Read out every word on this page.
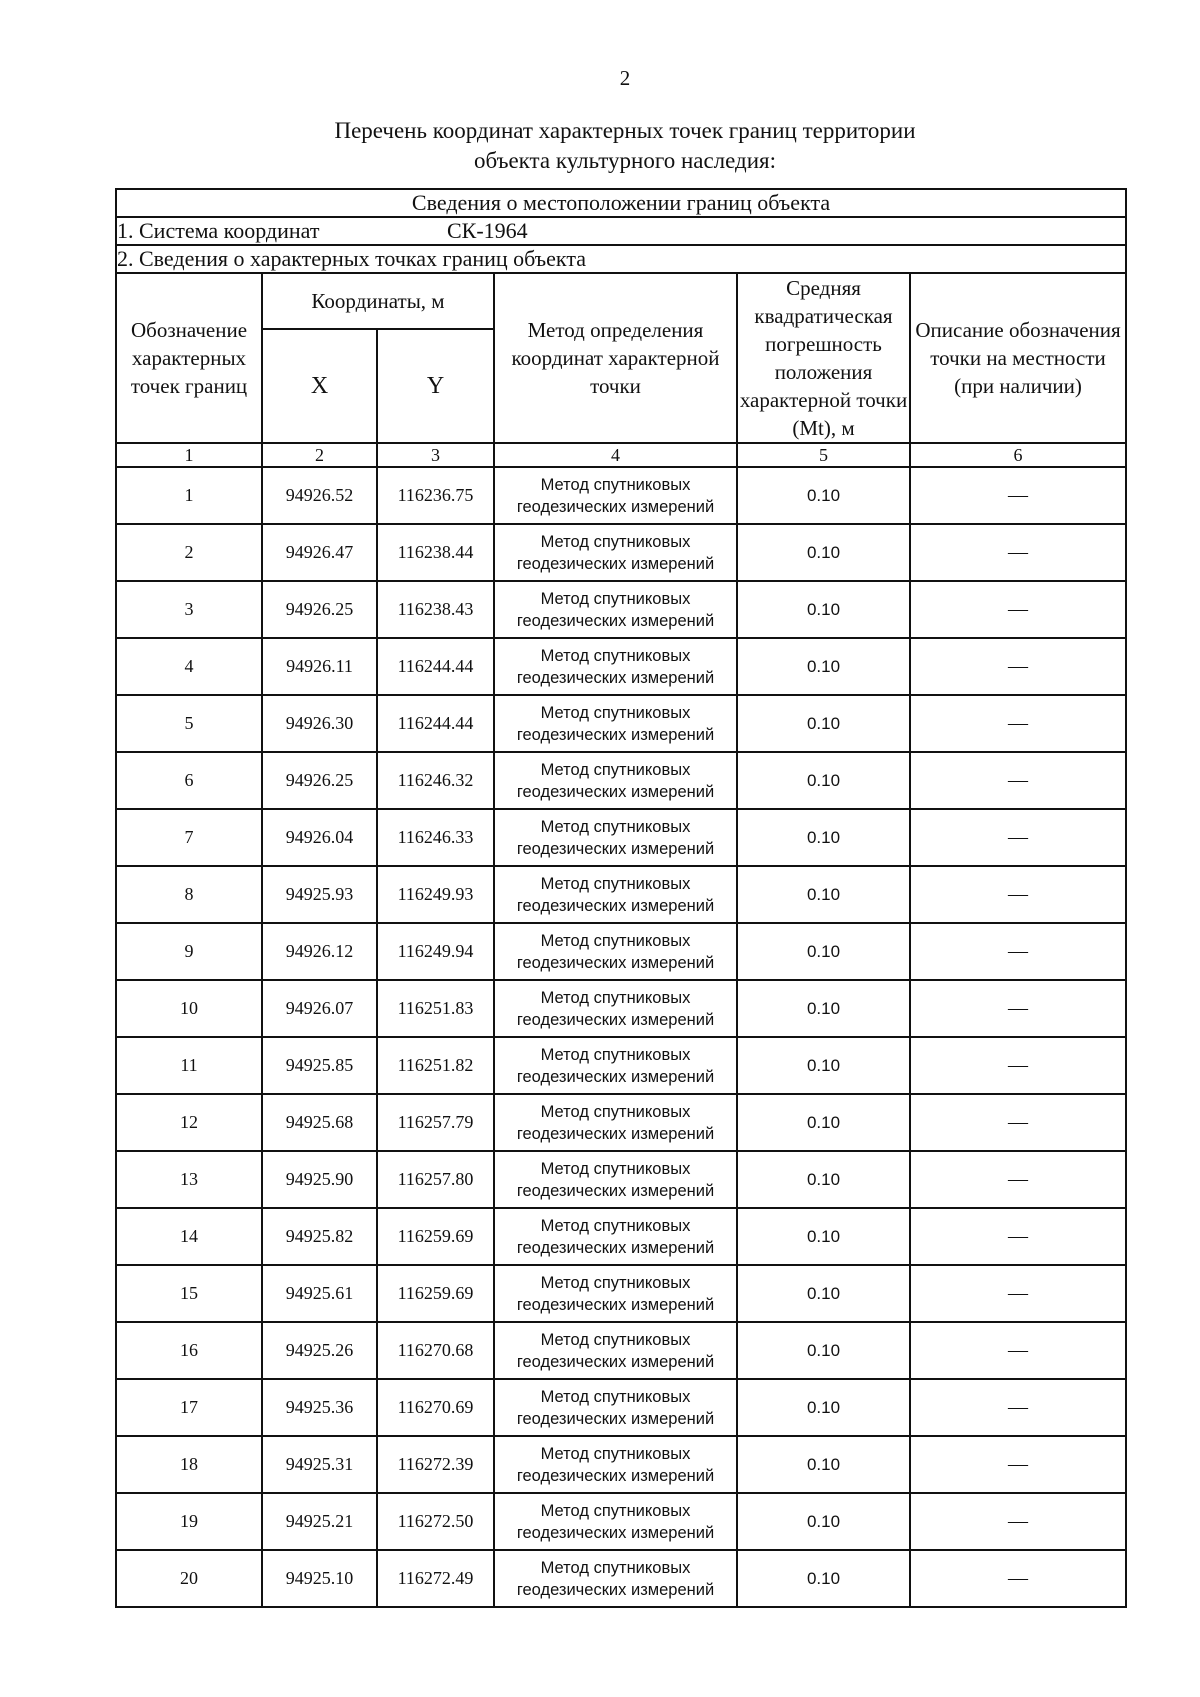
2
Перечень координат характерных точек границ территории
объекта культурного наследия:
Сведения о местоположении границ объекта					
1. Система координат СК-1964					
2. Сведения о характерных точках границ объекта					
Обозначение характерных точек границ	Координаты, м		Метод определения координат характерной точки	Средняя квадратическая погрешность положения характерной точки (Mt), м	Описание обозначения точки на местности (при наличии)
	X	Y			
1	2	3	4	5	6
1	94926.52	116236.75	Метод спутниковых геодезических измерений	0.10	—
2	94926.47	116238.44	Метод спутниковых геодезических измерений	0.10	—
3	94926.25	116238.43	Метод спутниковых геодезических измерений	0.10	—
4	94926.11	116244.44	Метод спутниковых геодезических измерений	0.10	—
5	94926.30	116244.44	Метод спутниковых геодезических измерений	0.10	—
6	94926.25	116246.32	Метод спутниковых геодезических измерений	0.10	—
7	94926.04	116246.33	Метод спутниковых геодезических измерений	0.10	—
8	94925.93	116249.93	Метод спутниковых геодезических измерений	0.10	—
9	94926.12	116249.94	Метод спутниковых геодезических измерений	0.10	—
10	94926.07	116251.83	Метод спутниковых геодезических измерений	0.10	—
11	94925.85	116251.82	Метод спутниковых геодезических измерений	0.10	—
12	94925.68	116257.79	Метод спутниковых геодезических измерений	0.10	—
13	94925.90	116257.80	Метод спутниковых геодезических измерений	0.10	—
14	94925.82	116259.69	Метод спутниковых геодезических измерений	0.10	—
15	94925.61	116259.69	Метод спутниковых геодезических измерений	0.10	—
16	94925.26	116270.68	Метод спутниковых геодезических измерений	0.10	—
17	94925.36	116270.69	Метод спутниковых геодезических измерений	0.10	—
18	94925.31	116272.39	Метод спутниковых геодезических измерений	0.10	—
19	94925.21	116272.50	Метод спутниковых геодезических измерений	0.10	—
20	94925.10	116272.49	Метод спутниковых геодезических измерений	0.10	—
